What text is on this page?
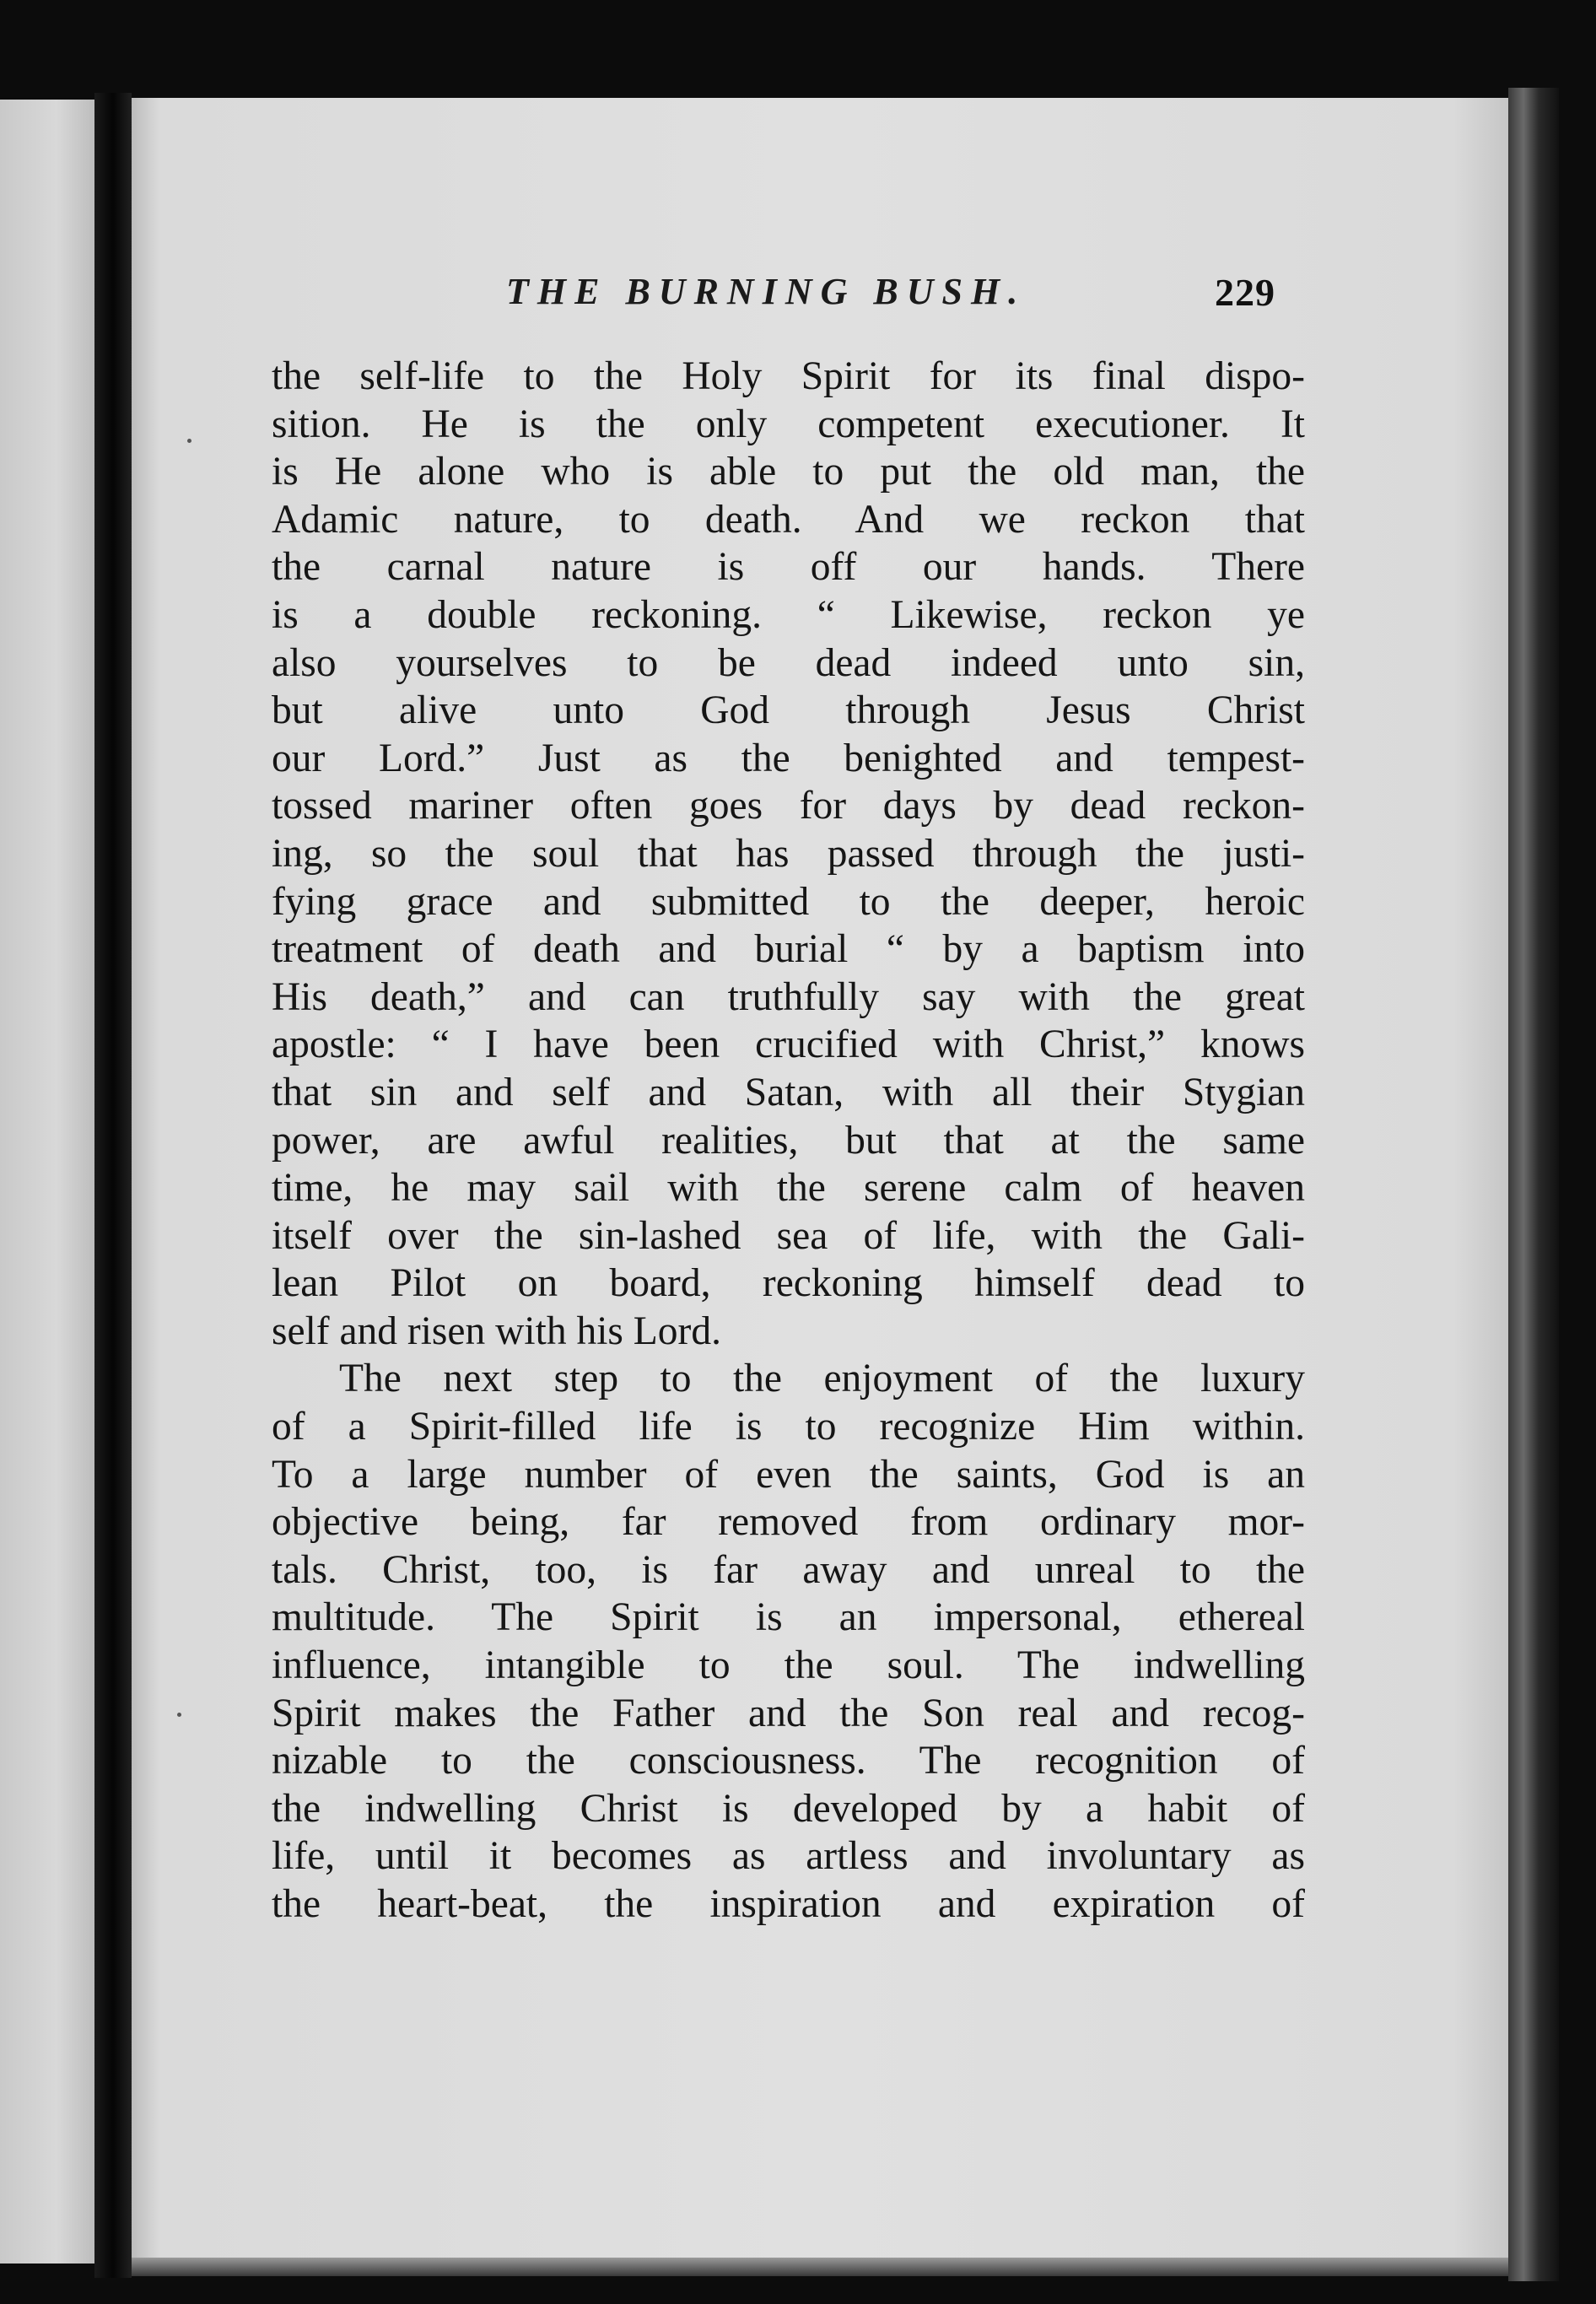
THE BURNING BUSH.	229
the self-life to the Holy Spirit for its final dispo-
sition. He is the only competent executioner. It
is He alone who is able to put the old man, the
Adamic nature, to death. And we reckon that
the carnal nature is off our hands. There
is a double reckoning. “ Likewise, reckon ye
also yourselves to be dead indeed unto sin,
but alive unto God through Jesus Christ
our Lord.” Just as the benighted and tempest-
tossed mariner often goes for days by dead reckon-
ing, so the soul that has passed through the justi-
fying grace and submitted to the deeper, heroic
treatment of death and burial “ by a baptism into
His death,” and can truthfully say with the great
apostle: “ I have been crucified with Christ,” knows
that sin and self and Satan, with all their Stygian
power, are awful realities, but that at the same
time, he may sail with the serene calm of heaven
itself over the sin-lashed sea of life, with the Gali-
lean Pilot on board, reckoning himself dead to
self and risen with his Lord.
The next step to the enjoyment of the luxury
of a Spirit-filled life is to recognize Him within.
To a large number of even the saints, God is an
objective being, far removed from ordinary mor-
tals. Christ, too, is far away and unreal to the
multitude. The Spirit is an impersonal, ethereal
influence, intangible to the soul. The indwelling
Spirit makes the Father and the Son real and recog-
nizable to the consciousness. The recognition of
the indwelling Christ is developed by a habit of
life, until it becomes as artless and involuntary as
the heart-beat, the inspiration and expiration of
